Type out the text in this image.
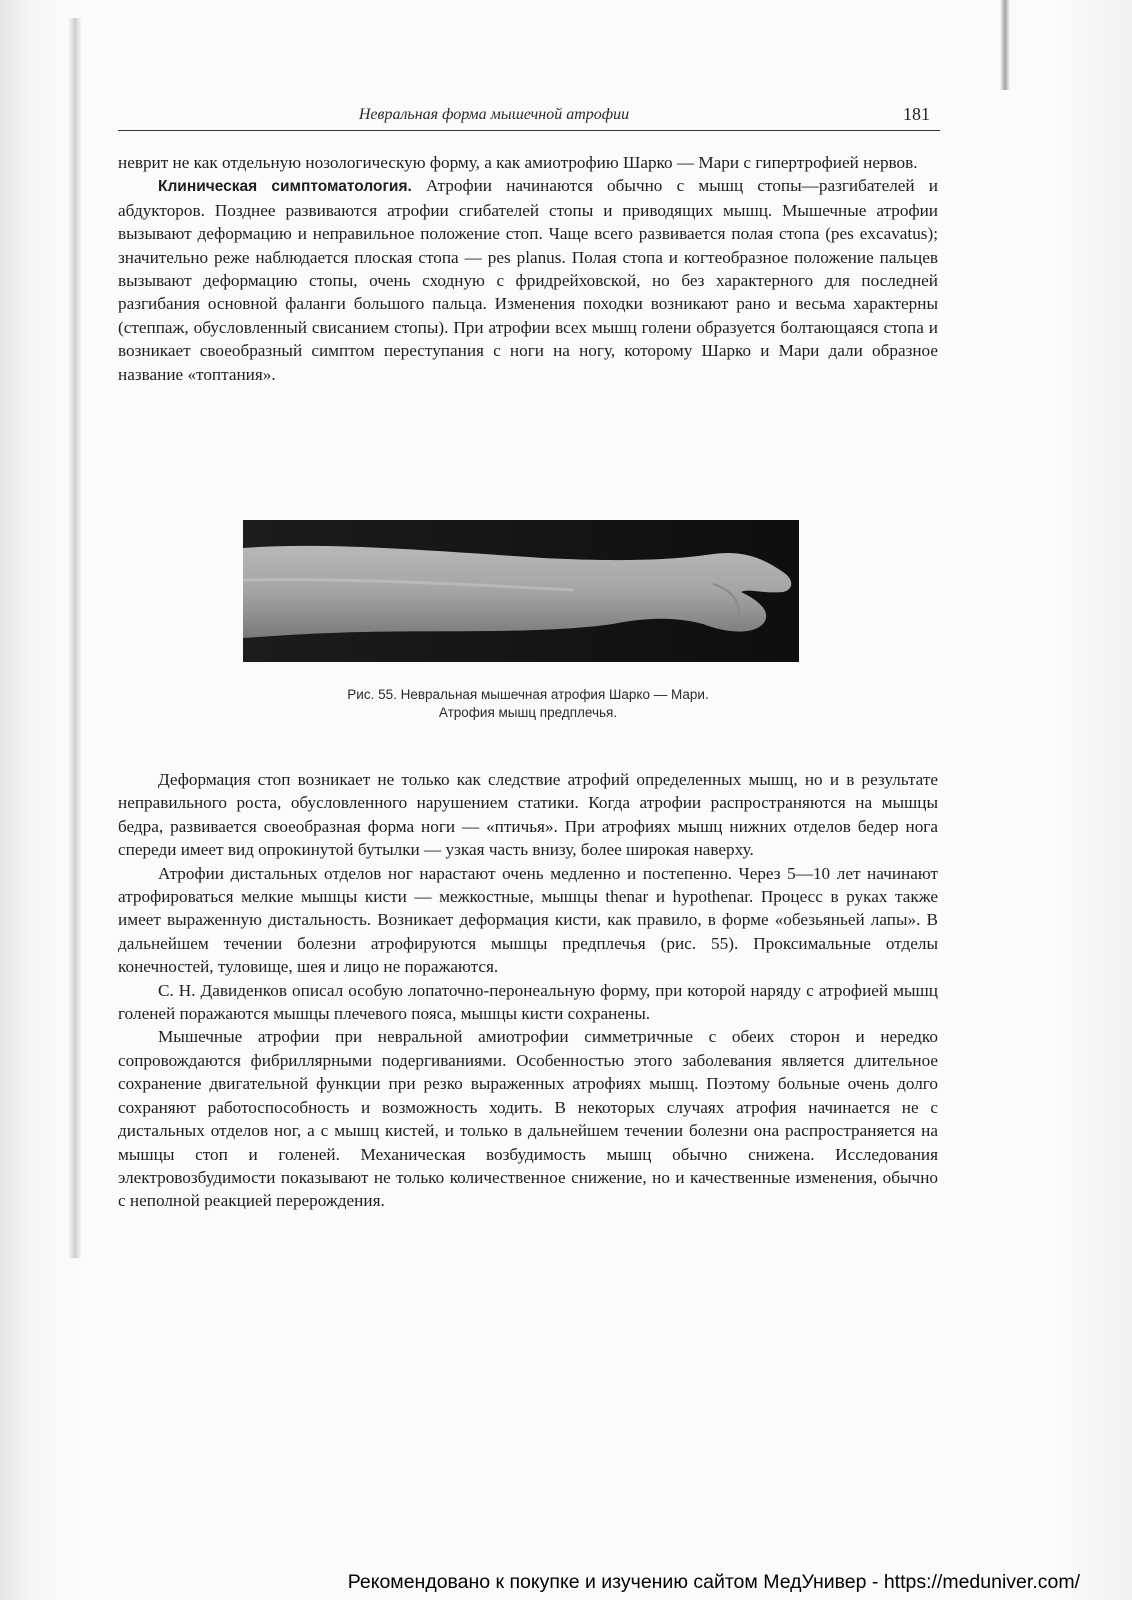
Невральная форма мышечной атрофии	181

неврит не как отдельную нозологическую форму, а как амиотрофию Шарко — Мари с гипертрофией нервов.

Клиническая симптоматология. Атрофии начинаются обычно с мышц стопы—разгибателей и абдукторов. Позднее развиваются атрофии сгибателей стопы и приводящих мышц. Мышечные атрофии вызывают деформацию и неправильное положение стоп. Чаще всего развивается полая стопа (pes excavatus); значительно реже наблюдается плоская стопа — pes planus. Полая стопа и когтеобразное положение пальцев вызывают деформацию стопы, очень сходную с фридрейховской, но без характерного для последней разгибания основной фаланги большого пальца. Изменения походки возникают рано и весьма характерны (степпаж, обусловленный свисанием стопы). При атрофии всех мышц голени образуется болтающаяся стопа и возникает своеобразный симптом переступания с ноги на ногу, которому Шарко и Мари дали образное название «топтания».

Рис. 55. Невральная мышечная атрофия Шарко — Мари.

Атрофия мышц предплечья.

Деформация стоп возникает не только как следствие атрофий определенных мышц, но и в результате неправильного роста, обусловленного нарушением статики. Когда атрофии распространяются на мышцы бедра, развивается своеобразная форма ноги — «птичья». При атрофиях мышц нижних отделов бедер нога спереди имеет вид опрокинутой бутылки — узкая часть внизу, более широкая наверху.

Атрофии дистальных отделов ног нарастают очень медленно и постепенно. Через 5—10 лет начинают атрофироваться мелкие мышцы кисти — межкостные, мышцы thenar и hypothenar. Процесс в руках также имеет выраженную дистальность. Возникает деформация кисти, как правило, в форме «обезьяньей лапы». В дальнейшем течении болезни атрофируются мышцы предплечья (рис. 55). Проксимальные отделы конечностей, туловище, шея и лицо не поражаются.

С. Н. Давиденков описал особую лопаточно-перонеальную форму, при которой наряду с атрофией мышц голеней поражаются мышцы плечевого пояса, мышцы кисти сохранены.

Мышечные атрофии при невральной амиотрофии симметричные с обеих сторон и нередко сопровождаются фибриллярными подергиваниями. Особенностью этого заболевания является длительное сохранение двигательной функции при резко выраженных атрофиях мышц. Поэтому больные очень долго сохраняют работоспособность и возможность ходить. В некоторых случаях атрофия начинается не с дистальных отделов ног, а с мышц кистей, и только в дальнейшем течении болезни она распространяется на мышцы стоп и голеней. Механическая возбудимость мышц обычно снижена. Исследования электровозбудимости показывают не только количественное снижение, но и качественные изменения, обычно с неполной реакцией перерождения.

Рекомендовано к покупке и изучению сайтом МедУнивер - https://meduniver.com/
